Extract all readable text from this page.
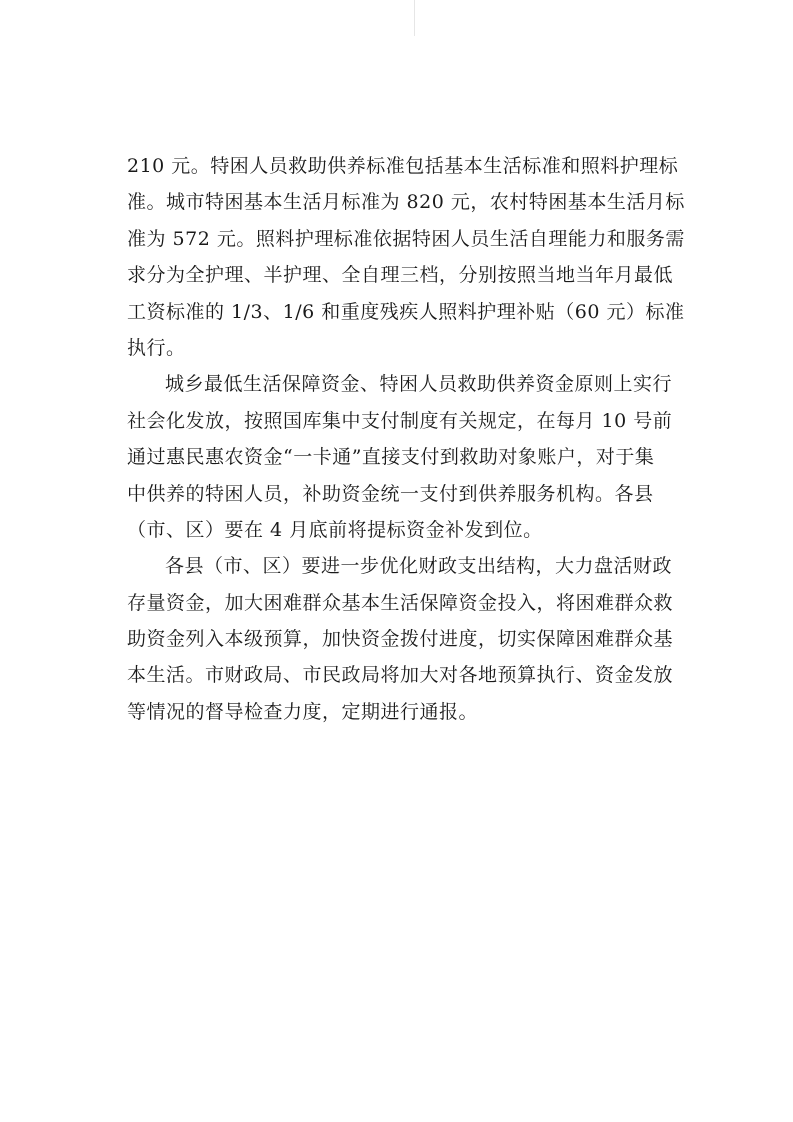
210 元。特困人员救助供养标准包括基本生活标准和照料护理标
准。城市特困基本生活月标准为 820 元，农村特困基本生活月标
准为 572 元。照料护理标准依据特困人员生活自理能力和服务需
求分为全护理、半护理、全自理三档，分别按照当地当年月最低
工资标准的 1/3、1/6 和重度残疾人照料护理补贴（60 元）标准
执行。
城乡最低生活保障资金、特困人员救助供养资金原则上实行
社会化发放，按照国库集中支付制度有关规定，在每月 10 号前
通过惠民惠农资金“一卡通”直接支付到救助对象账户，对于集
中供养的特困人员，补助资金统一支付到供养服务机构。各县
（市、区）要在 4 月底前将提标资金补发到位。
各县（市、区）要进一步优化财政支出结构，大力盘活财政
存量资金，加大困难群众基本生活保障资金投入，将困难群众救
助资金列入本级预算，加快资金拨付进度，切实保障困难群众基
本生活。市财政局、市民政局将加大对各地预算执行、资金发放
等情况的督导检查力度，定期进行通报。
